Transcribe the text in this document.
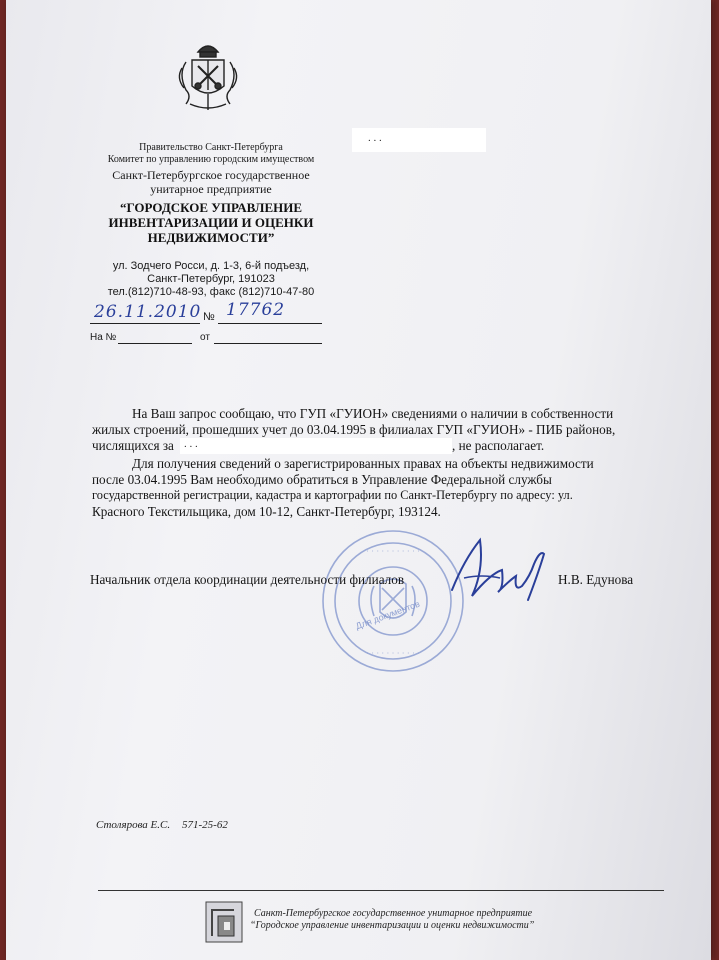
Правительство Санкт-Петербурга
Комитет по управлению городским имуществом
Санкт-Петербургское государственное
унитарное предприятие
“ГОРОДСКОЕ УПРАВЛЕНИЕ
ИНВЕНТАРИЗАЦИИ И ОЦЕНКИ
НЕДВИЖИМОСТИ”
ул. Зодчего Росси, д. 1-3, 6-й подъезд,
Санкт-Петербург, 191023
тел.(812)710-48-93, факс (812)710-47-80
. . .
26.11.2010 № 17762
На №	от
На Ваш запрос сообщаю, что ГУП «ГУИОН» сведениями о наличии в собственности
жилых строений, прошедших учет до 03.04.1995 в филиалах ГУП «ГУИОН» - ПИБ районов,
числящихся за . . .	, не располагает.
Для получения сведений о зарегистрированных правах на объекты недвижимости
после 03.04.1995 Вам необходимо обратиться в Управление Федеральной службы
государственной регистрации, кадастра и картографии по Санкт-Петербургу по адресу: ул.
Красного Текстильщика, дом 10-12, Санкт-Петербург, 193124.
· · · · · · · · · · ·
· · · · · · · · · · ·
Для документов
Начальник отдела координации деятельности филиалов	Н.В. Едунова
Столярова Е.С. 571-25-62
Санкт-Петербургское государственное унитарное предприятие
“Городское управление инвентаризации и оценки недвижимости”
